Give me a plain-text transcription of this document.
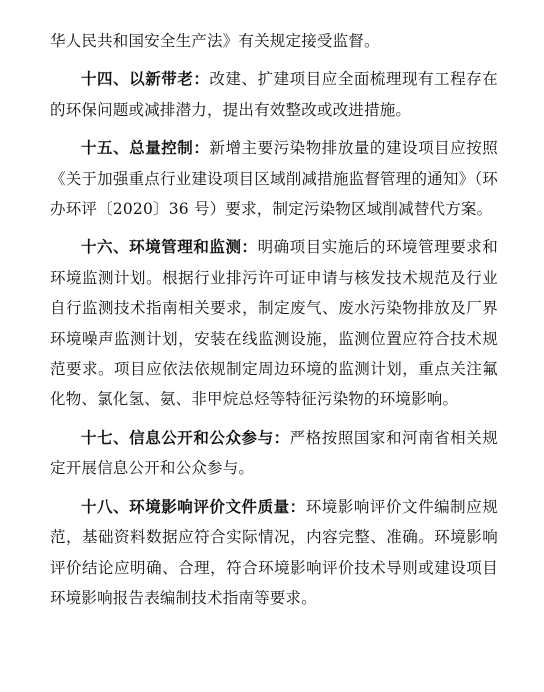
华人民共和国安全生产法》有关规定接受监督。

十四、以新带老：改建、扩建项目应全面梳理现有工程存在的环保问题或减排潜力，提出有效整改或改进措施。

十五、总量控制：新增主要污染物排放量的建设项目应按照《关于加强重点行业建设项目区域削减措施监督管理的通知》（环办环评〔2020〕36 号）要求，制定污染物区域削减替代方案。

十六、环境管理和监测：明确项目实施后的环境管理要求和环境监测计划。根据行业排污许可证申请与核发技术规范及行业自行监测技术指南相关要求，制定废气、废水污染物排放及厂界环境噪声监测计划，安装在线监测设施，监测位置应符合技术规范要求。项目应依法依规制定周边环境的监测计划，重点关注氟化物、氯化氢、氨、非甲烷总烃等特征污染物的环境影响。

十七、信息公开和公众参与：严格按照国家和河南省相关规定开展信息公开和公众参与。

十八、环境影响评价文件质量：环境影响评价文件编制应规范，基础资料数据应符合实际情况，内容完整、准确。环境影响评价结论应明确、合理，符合环境影响评价技术导则或建设项目环境影响报告表编制技术指南等要求。
